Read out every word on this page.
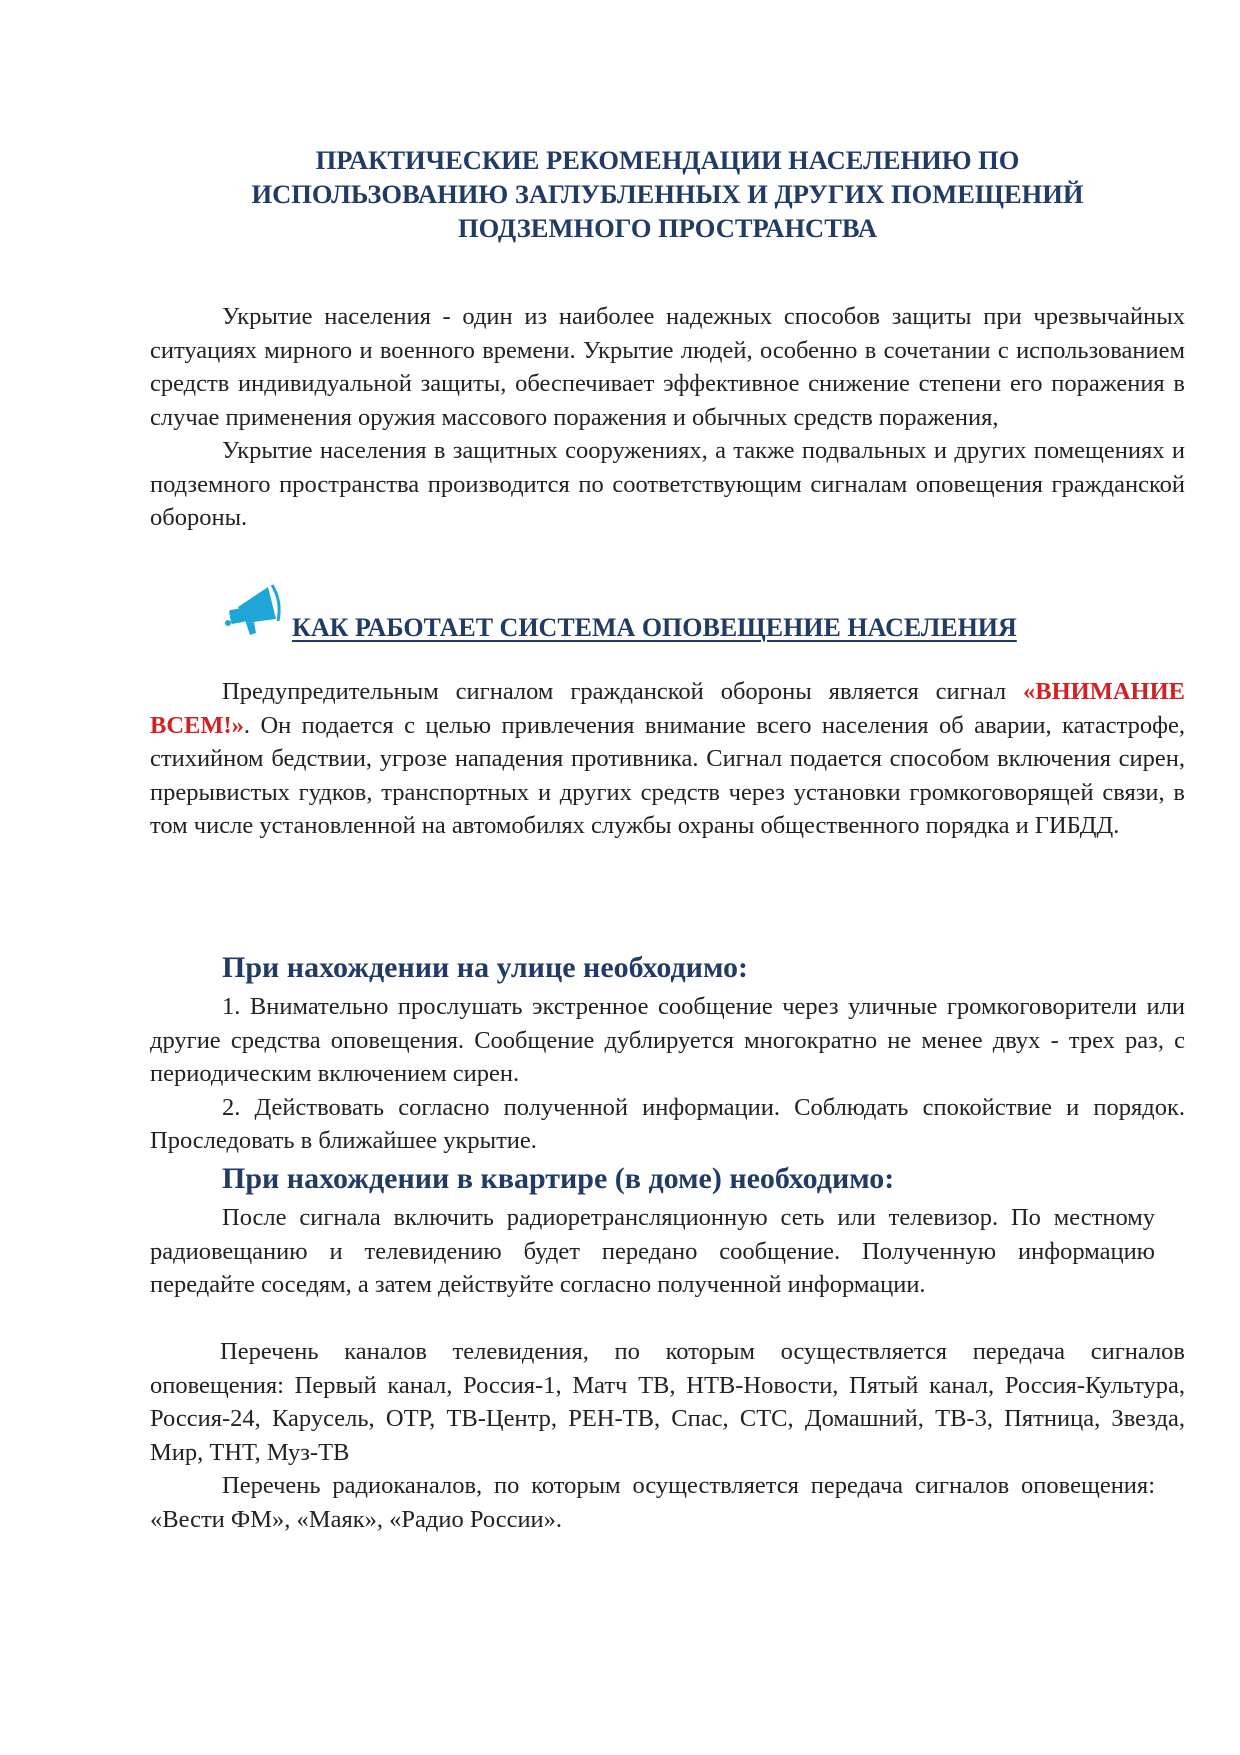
ПРАКТИЧЕСКИЕ РЕКОМЕНДАЦИИ НАСЕЛЕНИЮ ПО
ИСПОЛЬЗОВАНИЮ ЗАГЛУБЛЕННЫХ И ДРУГИХ ПОМЕЩЕНИЙ
ПОДЗЕМНОГО ПРОСТРАНСТВА

Укрытие населения - один из наиболее надежных способов защиты при чрезвычайных ситуациях мирного и военного времени. Укрытие людей, особенно в сочетании с использованием средств индивидуальной защиты, обеспечивает эффективное снижение степени его поражения в случае применения оружия массового поражения и обычных средств поражения,

Укрытие населения в защитных сооружениях, а также подвальных и других помещениях и подземного пространства производится по соответствующим сигналам оповещения гражданской обороны.

КАК РАБОТАЕТ СИСТЕМА ОПОВЕЩЕНИЕ НАСЕЛЕНИЯ

Предупредительным сигналом гражданской обороны является сигнал «ВНИМАНИЕ ВСЕМ!». Он подается с целью привлечения внимание всего населения об аварии, катастрофе, стихийном бедствии, угрозе нападения противника. Сигнал подается способом включения сирен, прерывистых гудков, транспортных и других средств через установки громкоговорящей связи, в том числе установленной на автомобилях службы охраны общественного порядка и ГИБДД.

При нахождении на улице необходимо:

1. Внимательно прослушать экстренное сообщение через уличные громкоговорители или другие средства оповещения. Сообщение дублируется многократно не менее двух - трех раз, с периодическим включением сирен.

2. Действовать согласно полученной информации. Соблюдать спокойствие и порядок. Проследовать в ближайшее укрытие.

При нахождении в квартире (в доме) необходимо:

После сигнала включить радиоретрансляционную сеть или телевизор. По местному радиовещанию и телевидению будет передано сообщение. Полученную информацию передайте соседям, а затем действуйте согласно полученной информации.

Перечень каналов телевидения, по которым осуществляется передача сигналов оповещения: Первый канал, Россия-1, Матч ТВ, НТВ-Новости, Пятый канал, Россия-Культура, Россия-24, Карусель, ОТР, ТВ-Центр, РЕН-ТВ, Спас, СТС, Домашний, ТВ-3, Пятница, Звезда, Мир, ТНТ, Муз-ТВ

Перечень радиоканалов, по которым осуществляется передача сигналов оповещения: «Вести ФМ», «Маяк», «Радио России».
